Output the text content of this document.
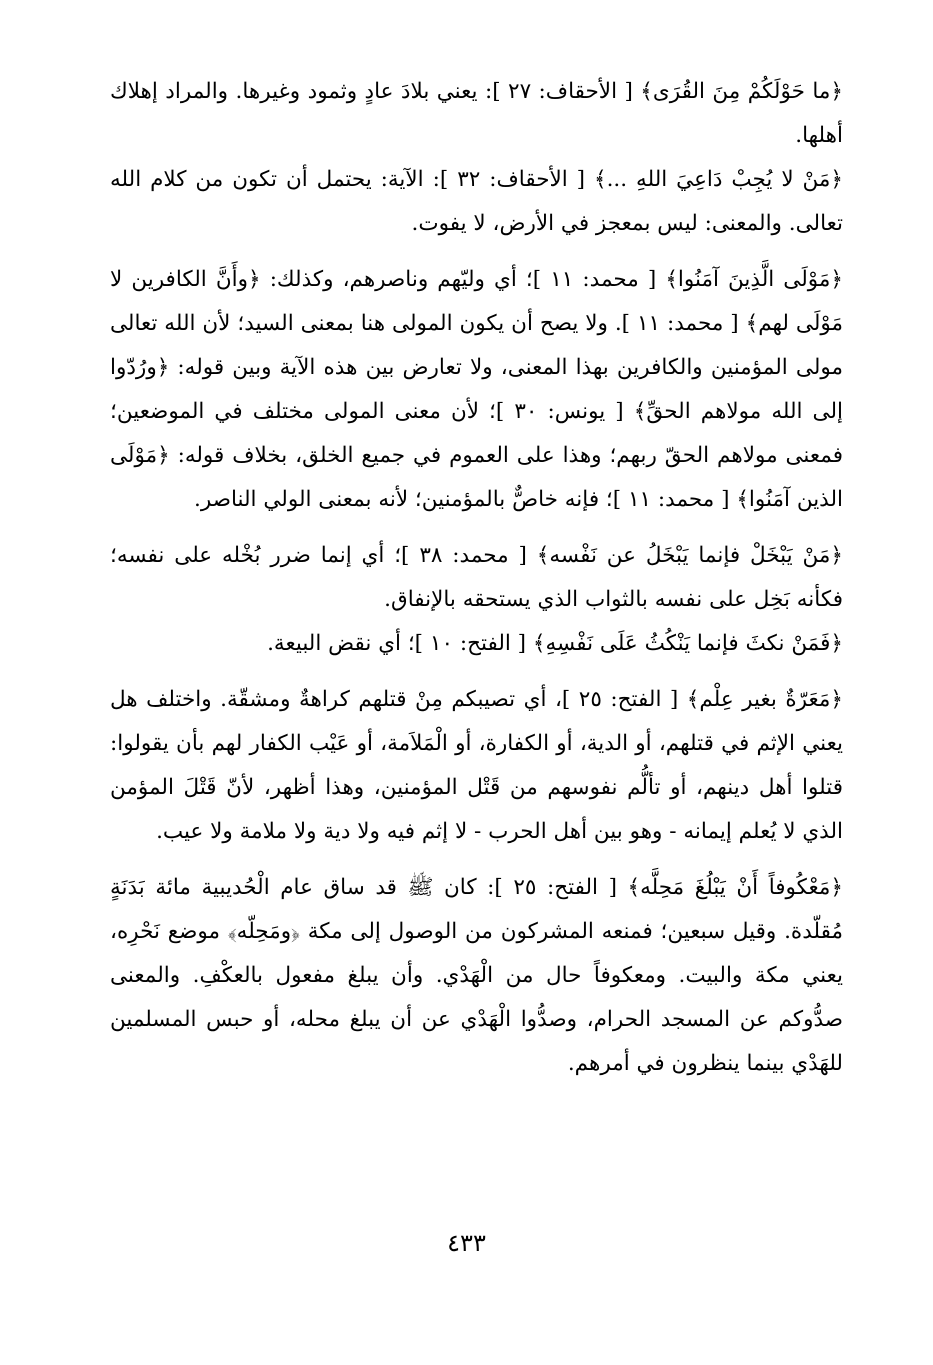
﴿ما حَوْلَكُمْ مِنَ القُرَى﴾ [ الأحقاف: ٢٧ ]: يعني بلادَ عادٍ وثمود وغيرها. والمراد إهلاك أهلها.

﴿مَنْ لا يُجِبْ دَاعِيَ اللهِ ...﴾ [ الأحقاف: ٣٢ ]: الآية: يحتمل أن تكون من كلام الله تعالى. والمعنى: ليس بمعجز في الأرض، لا يفوت.

﴿مَوْلَى الَّذِينَ آمَنُوا﴾ [ محمد: ١١ ]؛ أي وليّهم وناصرهم، وكذلك: ﴿وأَنَّ الكافرين لا مَوْلَى لهم﴾ [ محمد: ١١ ]. ولا يصح أن يكون المولى هنا بمعنى السيد؛ لأن الله تعالى مولى المؤمنين والكافرين بهذا المعنى، ولا تعارض بين هذه الآية وبين قوله: ﴿ورُدّوا إلى الله مولاهم الحقِّ﴾ [ يونس: ٣٠ ]؛ لأن معنى المولى مختلف في الموضعين؛ فمعنى مولاهم الحقّ ربهم؛ وهذا على العموم في جميع الخلق، بخلاف قوله: ﴿مَوْلَى الذين آمَنُوا﴾ [ محمد: ١١ ]؛ فإنه خاصٌّ بالمؤمنين؛ لأنه بمعنى الولي الناصر.

﴿مَنْ يَبْخَلْ فإنما يَبْخَلُ عن نَفْسه﴾ [ محمد: ٣٨ ]؛ أي إنما ضرر بُخْله على نفسه؛ فكأنه بَخِل على نفسه بالثواب الذي يستحقه بالإنفاق.

﴿فَمَنْ نكثَ فإنما يَنْكُثُ عَلَى نَفْسِهِ﴾ [ الفتح: ١٠ ]؛ أي نقض البيعة.

﴿مَعَرّةٌ بغير عِلْم﴾ [ الفتح: ٢٥ ]، أي تصيبكم مِنْ قتلهم كراهةٌ ومشقّة. واختلف هل يعني الإثم في قتلهم، أو الدية، أو الكفارة، أو الْمَلاَمة، أو عَيْب الكفار لهم بأن يقولوا: قتلوا أهل دينهم، أو تألُّم نفوسهم من قَتْل المؤمنين، وهذا أظهر، لأنّ قَتْلَ المؤمن الذي لا يُعلم إيمانه - وهو بين أهل الحرب - لا إثم فيه ولا دية ولا ملامة ولا عيب.

﴿مَعْكُوفاً أَنْ يَبْلُغَ مَحِلَّه﴾ [ الفتح: ٢٥ ]: كان ﷺ قد ساق عام الْحُديبية مائة بَدَنَةٍ مُقلّدة. وقيل سبعين؛ فمنعه المشركون من الوصول إلى مكة ﴿ومَحِلّه﴾ موضع نَحْرِه، يعني مكة والبيت. ومعكوفاً حال من الْهَدْي. وأن يبلغ مفعول بالعكْفِ. والمعنى صدُّوكم عن المسجد الحرام، وصدُّوا الْهَدْي عن أن يبلغ محله، أو حبس المسلمين للهَدْي بينما ينظرون في أمرهم.

٤٣٣
